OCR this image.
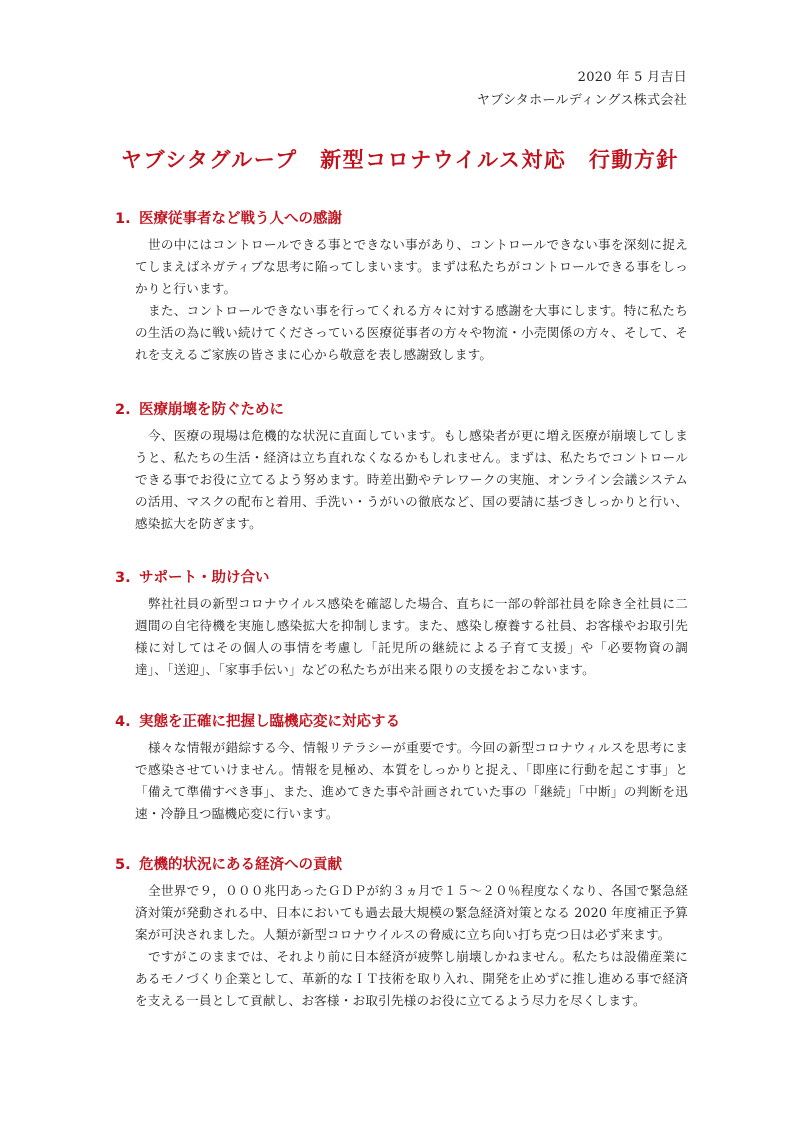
2020 年 5 月吉日
ヤブシタホールディングス株式会社
ヤブシタグループ　新型コロナウイルス対応　行動方針
1. 医療従事者など戦う人への感謝

世の中にはコントロールできる事とできない事があり、コントロールできない事を深刻に捉えてしまえばネガティブな思考に陥ってしまいます。まずは私たちがコントロールできる事をしっかりと行います。

また、コントロールできない事を行ってくれる方々に対する感謝を大事にします。特に私たちの生活の為に戦い続けてくださっている医療従事者の方々や物流・小売関係の方々、そして、それを支えるご家族の皆さまに心から敬意を表し感謝致します。

2. 医療崩壊を防ぐために

今、医療の現場は危機的な状況に直面しています。もし感染者が更に増え医療が崩壊してしまうと、私たちの生活・経済は立ち直れなくなるかもしれません。まずは、私たちでコントロールできる事でお役に立てるよう努めます。時差出勤やテレワークの実施、オンライン会議システムの活用、マスクの配布と着用、手洗い・うがいの徹底など、国の要請に基づきしっかりと行い、感染拡大を防ぎます。

3. サポート・助け合い

弊社社員の新型コロナウイルス感染を確認した場合、直ちに一部の幹部社員を除き全社員に二週間の自宅待機を実施し感染拡大を抑制します。また、感染し療養する社員、お客様やお取引先様に対してはその個人の事情を考慮し「託児所の継続による子育て支援」や「必要物資の調達」、「送迎」、「家事手伝い」などの私たちが出来る限りの支援をおこないます。

4. 実態を正確に把握し臨機応変に対応する

様々な情報が錯綜する今、情報リテラシーが重要です。今回の新型コロナウィルスを思考にまで感染させていけません。情報を見極め、本質をしっかりと捉え、「即座に行動を起こす事」と「備えて準備すべき事」、また、進めてきた事や計画されていた事の「継続」「中断」の判断を迅速・冷静且つ臨機応変に行います。

5. 危機的状況にある経済への貢献

全世界で９，０００兆円あったＧＤＰが約３ヵ月で１５～２０％程度なくなり、各国で緊急経済対策が発動される中、日本においても過去最大規模の緊急経済対策となる 2020 年度補正予算案が可決されました。人類が新型コロナウイルスの脅威に立ち向い打ち克つ日は必ず来ます。

ですがこのままでは、それより前に日本経済が疲弊し崩壊しかねません。私たちは設備産業にあるモノづくり企業として、革新的なＩＴ技術を取り入れ、開発を止めずに推し進める事で経済を支える一員として貢献し、お客様・お取引先様のお役に立てるよう尽力を尽くします。
